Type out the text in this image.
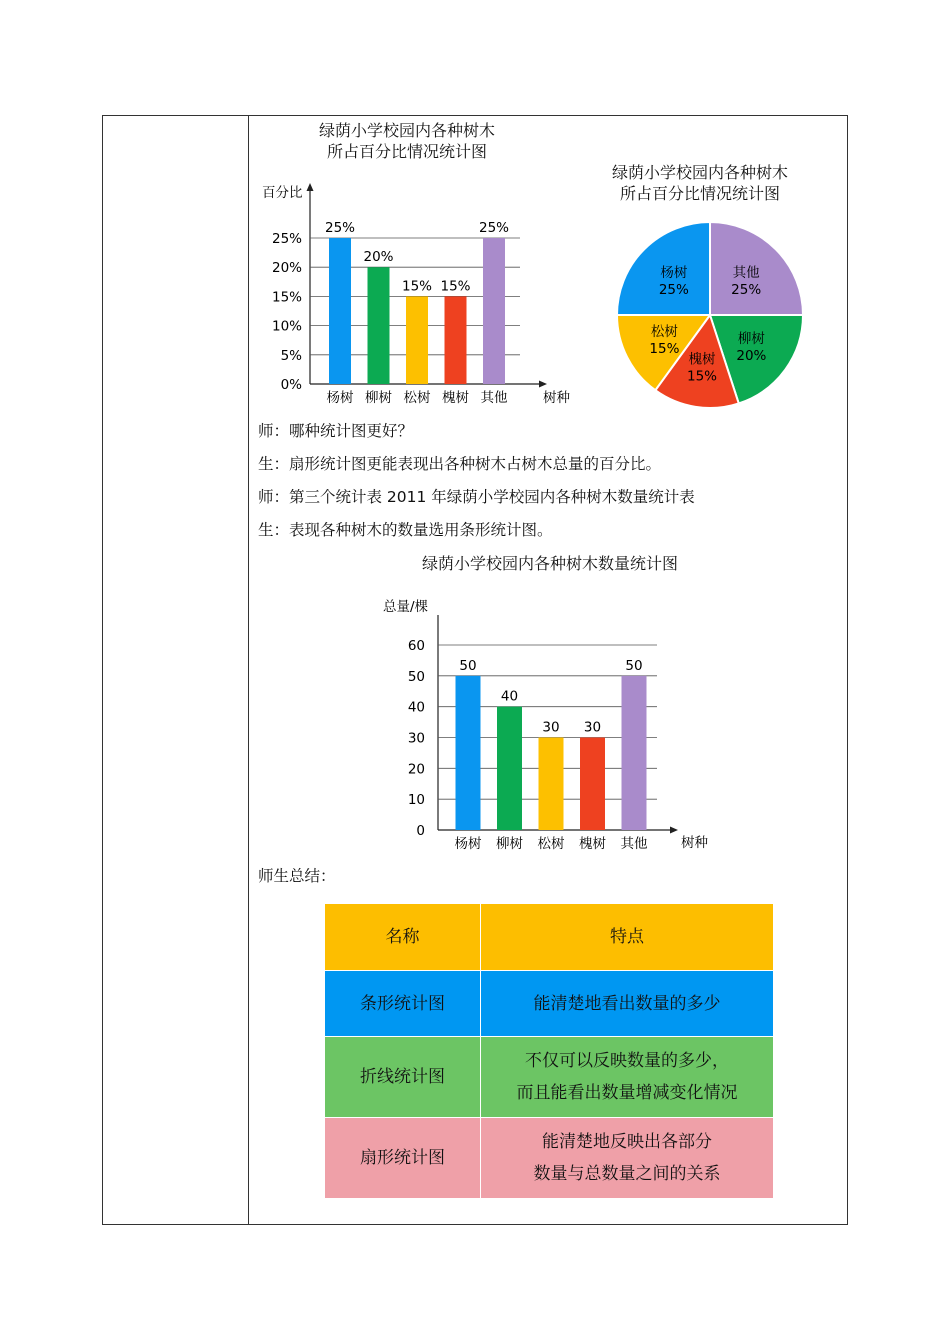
绿荫小学校园内各种树木
所占百分比情况统计图
百分比
树种
0%
5%
10%
15%
20%
25%
25%
20%
15% 15%
25%
杨树 柳树 松树 槐树 其他
绿荫小学校园内各种树木
所占百分比情况统计图
其他
25%
柳树
20%
槐树
15%
松树
15%
杨树
25%
师：哪种统计图更好？
生：扇形统计图更能表现出各种树木占树木总量的百分比。
师：第三个统计表 2011 年绿荫小学校园内各种树木数量统计表
生：表现各种树木的数量选用条形统计图。
绿荫小学校园内各种树木数量统计图
总量/棵
树种
0
10
20
30
40
50
60
50
40
30 30
50
杨树 柳树 松树 槐树 其他
师生总结：
名称	特点
条形统计图	能清楚地看出数量的多少

折线统计图	不仅可以反映数量的多少，
而且能看出数量增减变化情况

扇形统计图	能清楚地反映出各部分
数量与总数量之间的关系
